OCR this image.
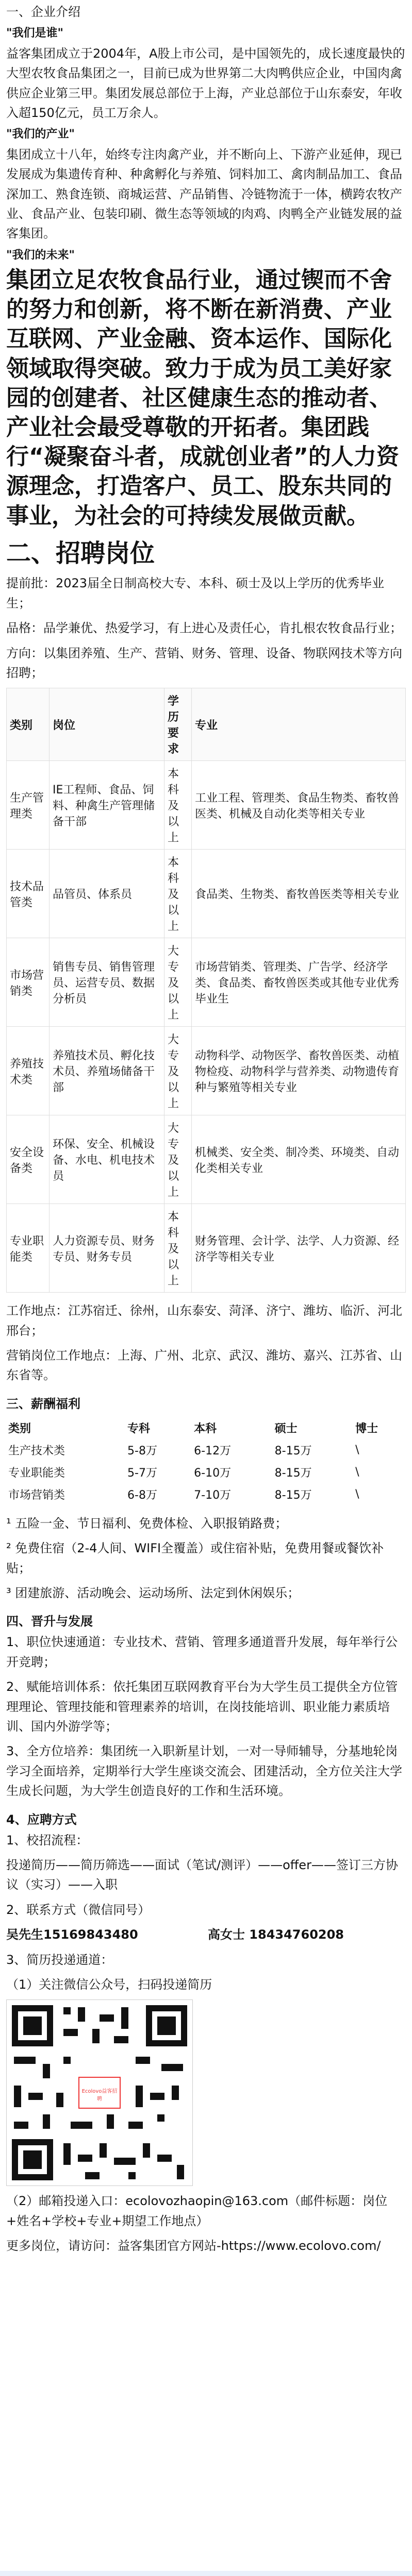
一、企业介绍
"我们是谁"
益客集团成立于2004年，A股上市公司，是中国领先的，成长速度最快的大型农牧食品集团之一，目前已成为世界第二大肉鸭供应企业，中国肉禽供应企业第三甲。集团发展总部位于上海，产业总部位于山东泰安，年收入超150亿元，员工万余人。
"我们的产业"
集团成立十八年，始终专注肉禽产业，并不断向上、下游产业延伸，现已发展成为集遗传育种、种禽孵化与养殖、饲料加工、禽肉制品加工、食品深加工、熟食连锁、商城运营、产品销售、冷链物流于一体，横跨农牧产业、食品产业、包装印刷、微生态等领域的肉鸡、肉鸭全产业链发展的益客集团。
"我们的未来"
集团立足农牧食品行业，通过锲而不舍的努力和创新，将不断在新消费、产业互联网、产业金融、资本运作、国际化领域取得突破。致力于成为员工美好家园的创建者、社区健康生态的推动者、产业社会最受尊敬的开拓者。集团践行“凝聚奋斗者，成就创业者”的人力资源理念，打造客户、员工、股东共同的事业，为社会的可持续发展做贡献。
二、招聘岗位
提前批：2023届全日制高校大专、本科、硕士及以上学历的优秀毕业生；
品格：品学兼优、热爱学习，有上进心及责任心，肯扎根农牧食品行业；
方向：以集团养殖、生产、营销、财务、管理、设备、物联网技术等方向招聘；
类别	岗位	学历要求	专业
生产管理类	IE工程师、食品、饲料、种禽生产管理储备干部	本科及以上	工业工程、管理类、食品生物类、畜牧兽医类、机械及自动化类等相关专业
技术品管类	品管员、体系员	本科及以上	食品类、生物类、畜牧兽医类等相关专业
市场营销类	销售专员、销售管理员、运营专员、数据分析员	大专及以上	市场营销类、管理类、广告学、经济学类、食品类、畜牧兽医类或其他专业优秀毕业生
养殖技术类	养殖技术员、孵化技术员、养殖场储备干部	大专及以上	动物科学、动物医学、畜牧兽医类、动植物检疫、动物科学与营养类、动物遗传育种与繁殖等相关专业
安全设备类	环保、安全、机械设备、水电、机电技术员	大专及以上	机械类、安全类、制冷类、环境类、自动化类相关专业
专业职能类	人力资源专员、财务专员、财务专员	本科及以上	财务管理、会计学、法学、人力资源、经济学等相关专业
工作地点：江苏宿迁、徐州，山东泰安、菏泽、济宁、潍坊、临沂、河北邢台；
营销岗位工作地点：上海、广州、北京、武汉、潍坊、嘉兴、江苏省、山东省等。
三、薪酬福利
类别	专科	本科	硕士	博士
生产技术类	5-8万	6-12万	8-15万	\
专业职能类	5-7万	6-10万	8-15万	\
市场营销类	6-8万	7-10万	8-15万	\
¹ 五险一金、节日福利、免费体检、入职报销路费；
² 免费住宿（2-4人间、WIFI全覆盖）或住宿补贴，免费用餐或餐饮补贴；
³ 团建旅游、活动晚会、运动场所、法定到休闲娱乐；
四、晋升与发展
1、职位快速通道：专业技术、营销、管理多通道晋升发展，每年举行公开竞聘；
2、赋能培训体系：依托集团互联网教育平台为大学生员工提供全方位管理理论、管理技能和管理素养的培训，在岗技能培训、职业能力素质培训、国内外游学等；
3、全方位培养：集团统一入职新星计划，一对一导师辅导，分基地轮岗学习全面培养，定期举行大学生座谈交流会、团建活动，全方位关注大学生成长问题，为大学生创造良好的工作和生活环境。
4、应聘方式
1、校招流程：
投递简历——简历筛选——面试（笔试/测评）——offer——签订三方协议（实习）——入职
2、联系方式（微信同号）
吴先生15169843480	高女士 18434760208
3、简历投递通道：
（1）关注微信公众号，扫码投递简历
Ecolovo益客招聘
（2）邮箱投递入口：ecolovozhaopin@163.com（邮件标题：岗位+姓名+学校+专业+期望工作地点）
更多岗位，请访问：益客集团官方网站-https://www.ecolovo.com/
